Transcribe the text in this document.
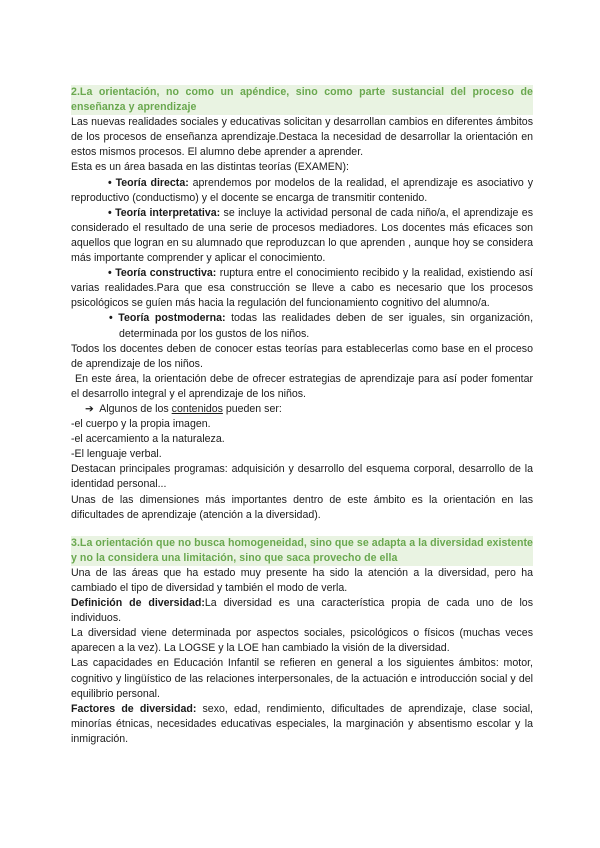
2.La orientación, no como un apéndice, sino como parte sustancial del proceso de enseñanza y aprendizaje

Las nuevas realidades sociales y educativas solicitan y desarrollan cambios en diferentes ámbitos de los procesos de enseñanza aprendizaje.Destaca la necesidad de desarrollar la orientación en estos mismos procesos. El alumno debe aprender a aprender.

Esta es un área basada en las distintas teorías (EXAMEN):

• Teoría directa: aprendemos por modelos de la realidad, el aprendizaje es asociativo y reproductivo (conductismo) y el docente se encarga de transmitir contenido.

• Teoría interpretativa: se incluye la actividad personal de cada niño/a, el aprendizaje es considerado el resultado de una serie de procesos mediadores. Los docentes más eficaces son aquellos que logran en su alumnado que reproduzcan lo que aprenden , aunque hoy se considera más importante comprender y aplicar el conocimiento.

• Teoría constructiva: ruptura entre el conocimiento recibido y la realidad, existiendo así varias realidades.Para que esa construcción se lleve a cabo es necesario que los procesos psicológicos se guíen más hacia la regulación del funcionamiento cognitivo del alumno/a.

• Teoría postmoderna: todas las realidades deben de ser iguales, sin organización, determinada por los gustos de los niños.

Todos los docentes deben de conocer estas teorías para establecerlas como base en el proceso de aprendizaje de los niños.

En este área, la orientación debe de ofrecer estrategias de aprendizaje para así poder fomentar el desarrollo integral y el aprendizaje de los niños.

➔ Algunos de los contenidos pueden ser:

-el cuerpo y la propia imagen.

-el acercamiento a la naturaleza.

-El lenguaje verbal.

Destacan principales programas: adquisición y desarrollo del esquema corporal, desarrollo de la identidad personal...

Unas de las dimensiones más importantes dentro de este ámbito es la orientación en las dificultades de aprendizaje (atención a la diversidad).

3.La orientación que no busca homogeneidad, sino que se adapta a la diversidad existente y no la considera una limitación, sino que saca provecho de ella

Una de las áreas que ha estado muy presente ha sido la atención a la diversidad, pero ha cambiado el tipo de diversidad y también el modo de verla.

Definición de diversidad:La diversidad es una característica propia de cada uno de los individuos.

La diversidad viene determinada por aspectos sociales, psicológicos o físicos (muchas veces aparecen a la vez). La LOGSE y la LOE han cambiado la visión de la diversidad.

Las capacidades en Educación Infantil se refieren en general a los siguientes ámbitos: motor, cognitivo y lingüístico de las relaciones interpersonales, de la actuación e introducción social y del equilibrio personal.

Factores de diversidad: sexo, edad, rendimiento, dificultades de aprendizaje, clase social, minorías étnicas, necesidades educativas especiales, la marginación y absentismo escolar y la inmigración.
